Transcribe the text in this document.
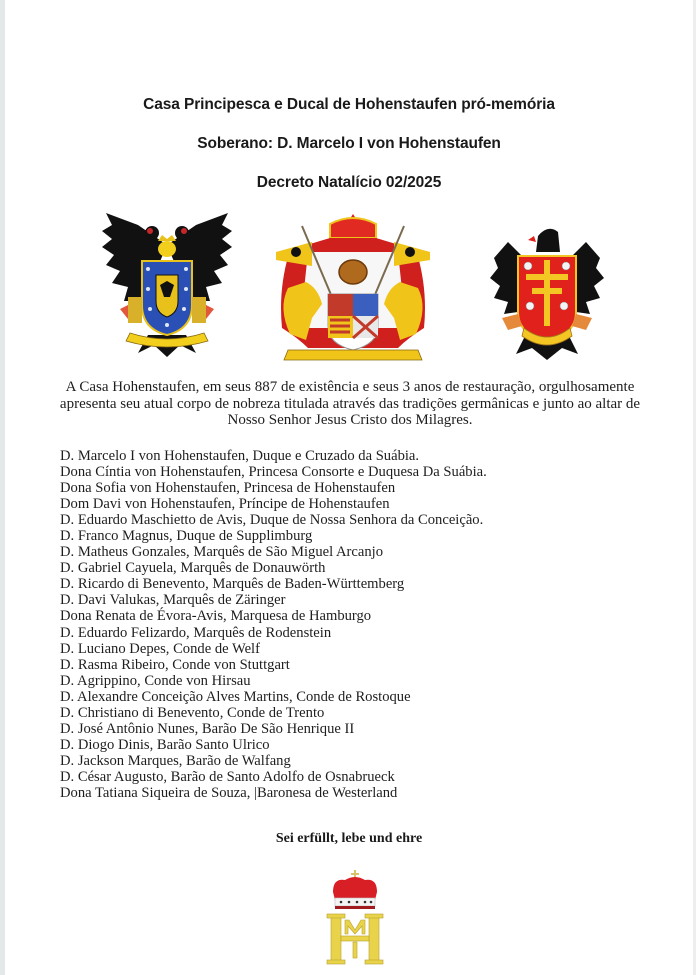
Casa Principesca e Ducal de Hohenstaufen pró-memória
Soberano: D. Marcelo I von Hohenstaufen
Decreto Natalício 02/2025
A Casa Hohenstaufen, em seus 887 de existência e seus 3 anos de restauração, orgulhosamente apresenta seu atual corpo de nobreza titulada através das tradições germânicas e junto ao altar de Nosso Senhor Jesus Cristo dos Milagres.
D. Marcelo I von Hohenstaufen, Duque e Cruzado da Suábia.
Dona Cíntia von Hohenstaufen, Princesa Consorte e Duquesa Da Suábia.
Dona Sofia von Hohenstaufen, Princesa de Hohenstaufen
Dom Davi von Hohenstaufen, Príncipe de Hohenstaufen
D. Eduardo Maschietto de Avis, Duque de Nossa Senhora da Conceição.
D. Franco Magnus, Duque de Supplimburg
D. Matheus Gonzales, Marquês de São Miguel Arcanjo
D. Gabriel Cayuela, Marquês de Donauwörth
D. Ricardo di Benevento, Marquês de Baden-Württemberg
D. Davi Valukas, Marquês de Zäringer
Dona Renata de Évora-Avis, Marquesa de Hamburgo
D. Eduardo Felizardo, Marquês de Rodenstein
D. Luciano Depes, Conde de Welf
D. Rasma Ribeiro, Conde von Stuttgart
D. Agrippino, Conde von Hirsau
D. Alexandre Conceição Alves Martins, Conde de Rostoque
D. Christiano di Benevento, Conde de Trento
D. José Antônio Nunes, Barão De São Henrique II
D. Diogo Dinis, Barão Santo Ulrico
D. Jackson Marques, Barão de Walfang
D. César Augusto, Barão de Santo Adolfo de Osnabrueck
Dona Tatiana Siqueira de Souza, |Baronesa de Westerland
Sei erfüllt, lebe und ehre
